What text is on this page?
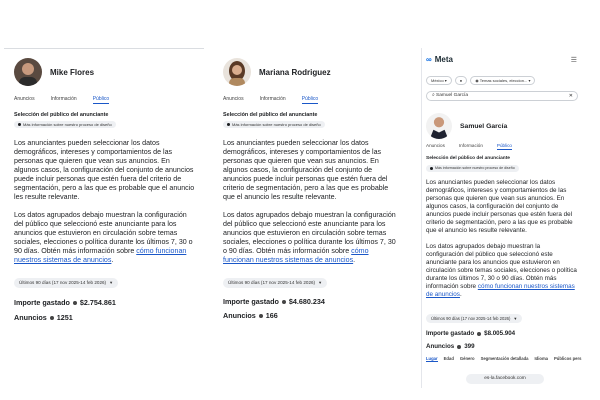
Mike Flores
Anuncios	Información	Público
Selección del público del anunciante
Más información sobre nuestro proceso de diseño

Los anunciantes pueden seleccionar los datos demográficos, intereses y comportamientos de las personas que quieren que vean sus anuncios. En algunos casos, la configuración del conjunto de anuncios puede incluir personas que estén fuera del criterio de segmentación, pero a las que es probable que el anuncio les resulte relevante.

Los datos agrupados debajo muestran la configuración del público que seleccionó este anunciante para los anuncios que estuvieron en circulación sobre temas sociales, elecciones o política durante los últimos 7, 30 o 90 días. Obtén más información sobre cómo funcionan nuestros sistemas de anuncios.

Últimos 90 días (17 nov 2025-14 feb 2026) ▼
Importe gastado $2.754.861
Anuncios 1251
Mariana Rodriguez
Anuncios	Información	Público
Selección del público del anunciante
Más información sobre nuestro proceso de diseño

Los anunciantes pueden seleccionar los datos demográficos, intereses y comportamientos de las personas que quieren que vean sus anuncios. En algunos casos, la configuración del conjunto de anuncios puede incluir personas que estén fuera del criterio de segmentación, pero a las que es probable que el anuncio les resulte relevante.

Los datos agrupados debajo muestran la configuración del público que seleccionó este anunciante para los anuncios que estuvieron en circulación sobre temas sociales, elecciones o política durante los últimos 7, 30 o 90 días. Obtén más información sobre cómo funcionan nuestros sistemas de anuncios.

Últimos 90 días (17 nov 2025-14 feb 2026) ▼
Importe gastado $4.680.234
Anuncios 166
∞ Meta	☰
México ▾	●	◉ Temas sociales, eleccion... ▾
⌕ Samuel García	✕
Samuel García
Anuncios	Información	Público
Selección del público del anunciante
Más información sobre nuestro proceso de diseño

Los anunciantes pueden seleccionar los datos demográficos, intereses y comportamientos de las personas que quieren que vean sus anuncios. En algunos casos, la configuración del conjunto de anuncios puede incluir personas que estén fuera del criterio de segmentación, pero a las que es probable que el anuncio les resulte relevante.

Los datos agrupados debajo muestran la configuración del público que seleccionó este anunciante para los anuncios que estuvieron en circulación sobre temas sociales, elecciones o política durante los últimos 7, 30 o 90 días. Obtén más información sobre cómo funcionan nuestros sistemas de anuncios.

Últimos 90 días (17 nov 2025-14 feb 2026) ▼
Importe gastado $8.005.904
Anuncios 399
Lugar Edad Género Segmentación detallada Idioma Públicos pers
es-la.facebook.com
